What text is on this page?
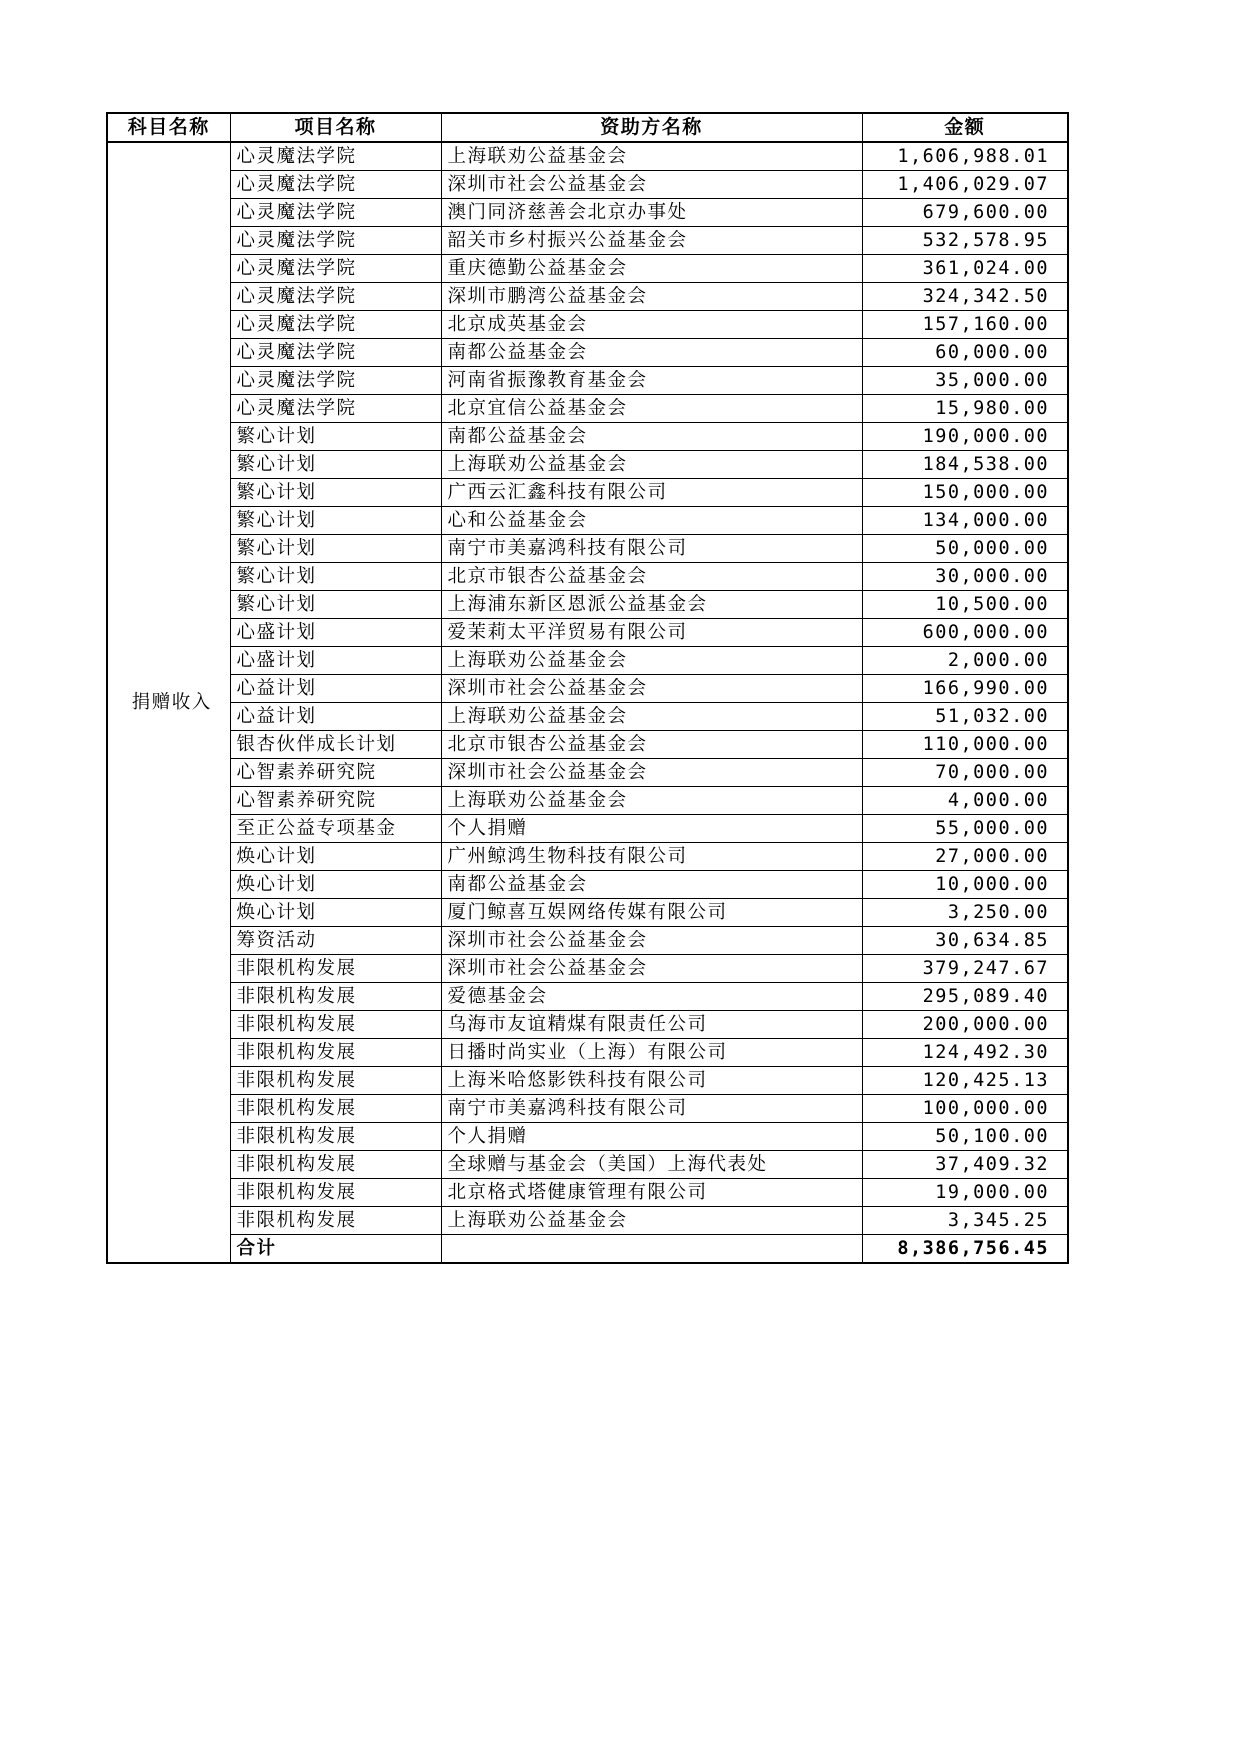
科目名称	项目名称	资助方名称	金额
捐赠收入	心灵魔法学院	上海联劝公益基金会	1,606,988.01
	心灵魔法学院	深圳市社会公益基金会	1,406,029.07
	心灵魔法学院	澳门同济慈善会北京办事处	679,600.00
	心灵魔法学院	韶关市乡村振兴公益基金会	532,578.95
	心灵魔法学院	重庆德勤公益基金会	361,024.00
	心灵魔法学院	深圳市鹏湾公益基金会	324,342.50
	心灵魔法学院	北京成英基金会	157,160.00
	心灵魔法学院	南都公益基金会	60,000.00
	心灵魔法学院	河南省振豫教育基金会	35,000.00
	心灵魔法学院	北京宜信公益基金会	15,980.00
	繁心计划	南都公益基金会	190,000.00
	繁心计划	上海联劝公益基金会	184,538.00
	繁心计划	广西云汇鑫科技有限公司	150,000.00
	繁心计划	心和公益基金会	134,000.00
	繁心计划	南宁市美嘉鸿科技有限公司	50,000.00
	繁心计划	北京市银杏公益基金会	30,000.00
	繁心计划	上海浦东新区恩派公益基金会	10,500.00
	心盛计划	爱茉莉太平洋贸易有限公司	600,000.00
	心盛计划	上海联劝公益基金会	2,000.00
	心益计划	深圳市社会公益基金会	166,990.00
	心益计划	上海联劝公益基金会	51,032.00
	银杏伙伴成长计划	北京市银杏公益基金会	110,000.00
	心智素养研究院	深圳市社会公益基金会	70,000.00
	心智素养研究院	上海联劝公益基金会	4,000.00
	至正公益专项基金	个人捐赠	55,000.00
	焕心计划	广州鲸鸿生物科技有限公司	27,000.00
	焕心计划	南都公益基金会	10,000.00
	焕心计划	厦门鲸喜互娱网络传媒有限公司	3,250.00
	筹资活动	深圳市社会公益基金会	30,634.85
	非限机构发展	深圳市社会公益基金会	379,247.67
	非限机构发展	爱德基金会	295,089.40
	非限机构发展	乌海市友谊精煤有限责任公司	200,000.00
	非限机构发展	日播时尚实业（上海）有限公司	124,492.30
	非限机构发展	上海米哈悠影铁科技有限公司	120,425.13
	非限机构发展	南宁市美嘉鸿科技有限公司	100,000.00
	非限机构发展	个人捐赠	50,100.00
	非限机构发展	全球赠与基金会（美国）上海代表处	37,409.32
	非限机构发展	北京格式塔健康管理有限公司	19,000.00
	非限机构发展	上海联劝公益基金会	3,345.25
	合计		8,386,756.45
